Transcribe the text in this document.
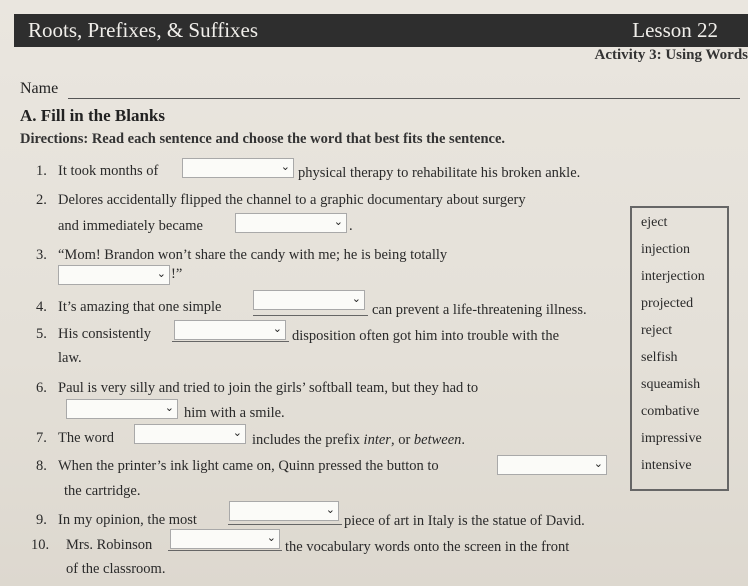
Roots, Prefixes, & Suffixes	Lesson 22
Activity 3: Using Words
Name
A. Fill in the Blanks
Directions: Read each sentence and choose the word that best fits the sentence.
1. It took months of	⌄ physical therapy to rehabilitate his broken ankle.
2. Delores accidentally flipped the channel to a graphic documentary about surgery
and immediately became	⌄ .
3. “Mom! Brandon won’t share the candy with me; he is being totally
⌄ !”
4. It’s amazing that one simple
⌄
can prevent a life-threatening illness.
5. His consistently	⌄ disposition often got him into trouble with the
law.
6. Paul is very silly and tried to join the girls’ softball team, but they had to
⌄ him with a smile.
7. The word	⌄ includes the prefix inter, or between.
8. When the printer’s ink light came on, Quinn pressed the button to	⌄
the cartridge.
9. In my opinion, the most
⌄
piece of art in Italy is the statue of David.
10. Mrs. Robinson	⌄
the vocabulary words onto the screen in the front
of the classroom.
eject
injection
interjection
projected
reject
selfish
squeamish
combative
impressive
intensive
